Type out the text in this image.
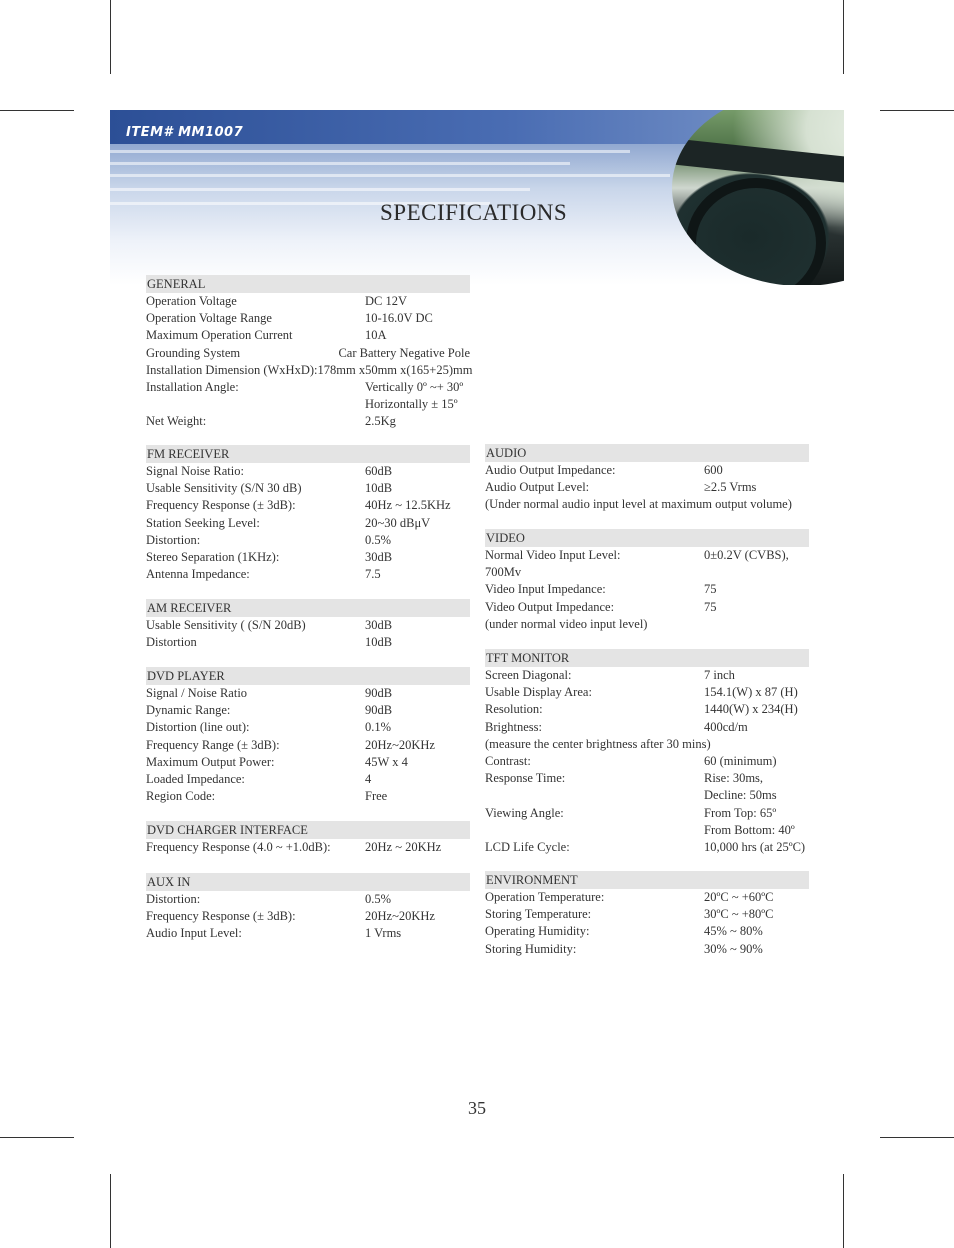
ITEM# MM1007
SPECIFICATIONS
GENERAL
Operation Voltage	DC 12V
Operation Voltage Range	10-16.0V DC
Maximum Operation Current	10A
Grounding System	Car Battery Negative Pole
Installation Dimension (WxHxD): 178mm x50mm x(165+25)mm
Installation Angle:	Vertically 0º ~+ 30º
Horizontally ± 15º
Net Weight:	2.5Kg
FM RECEIVER
Signal Noise Ratio:	60dB
Usable Sensitivity (S/N 30 dB)	10dB
Frequency Response (± 3dB):	40Hz ~ 12.5KHz
Station Seeking Level:	20~30 dBμV
Distortion:	0.5%
Stereo Separation (1KHz):	30dB
Antenna Impedance:	7.5
AM RECEIVER
Usable Sensitivity ( (S/N 20dB)	30dB
Distortion	10dB
DVD PLAYER
Signal / Noise Ratio	90dB
Dynamic Range:	90dB
Distortion (line out):	0.1%
Frequency Range (± 3dB):	20Hz~20KHz
Maximum Output Power:	45W x 4
Loaded Impedance:	4
Region Code:	Free
DVD CHARGER INTERFACE
Frequency Response (4.0 ~ +1.0dB):	20Hz ~ 20KHz
AUX IN
Distortion:	0.5%
Frequency Response (± 3dB):	20Hz~20KHz
Audio Input Level:	1 Vrms
AUDIO
Audio Output Impedance:	600
Audio Output Level:	≥2.5 Vrms
(Under normal audio input level at maximum output volume)
VIDEO
Normal Video Input Level:	0±0.2V (CVBS),
700Mv
Video Input Impedance:	75
Video Output Impedance:	75
(under normal video input level)
TFT MONITOR
Screen Diagonal:	7 inch
Usable Display Area:	154.1(W) x 87 (H)
Resolution:	1440(W) x 234(H)
Brightness:	400cd/m
(measure the center brightness after 30 mins)
Contrast:	60 (minimum)
Response Time:	Rise: 30ms,
Decline: 50ms
Viewing Angle:	From Top: 65º
From Bottom: 40º
LCD Life Cycle:	10,000 hrs (at 25ºC)
ENVIRONMENT
Operation Temperature:	20ºC ~ +60ºC
Storing Temperature:	30ºC ~ +80ºC
Operating Humidity:	45% ~ 80%
Storing Humidity:	30% ~ 90%
35
